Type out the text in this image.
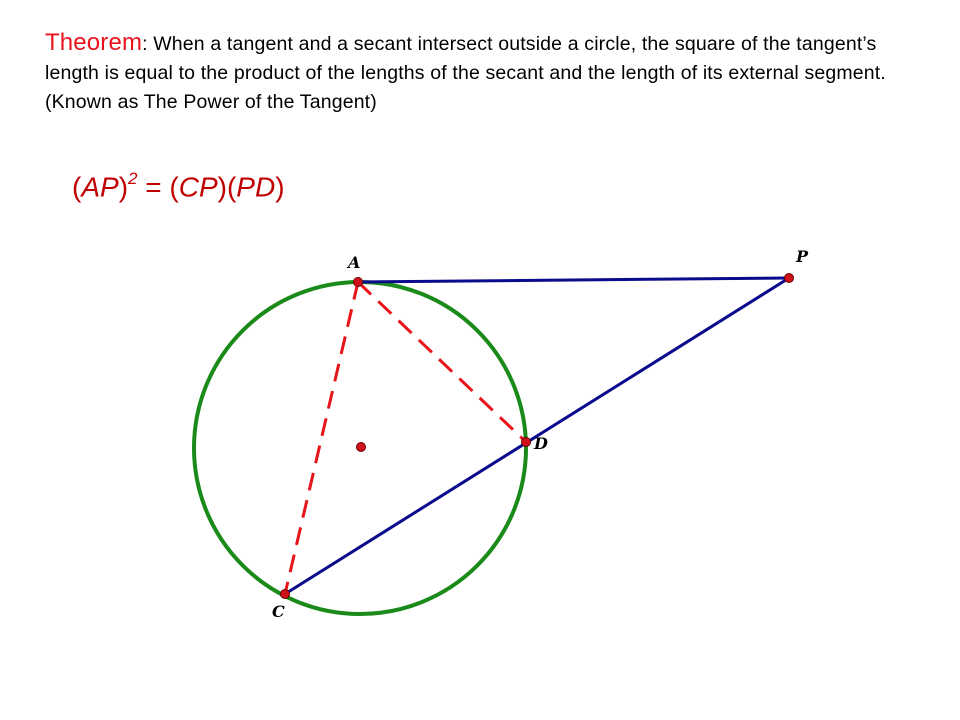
Theorem: When a tangent and a secant intersect outside a circle, the square of the tangent’s length is equal to the product of the lengths of the secant and the length of its external segment. (Known as The Power of the Tangent)
(AP)$^2$ = (CP)(PD)
A	P
D
C
